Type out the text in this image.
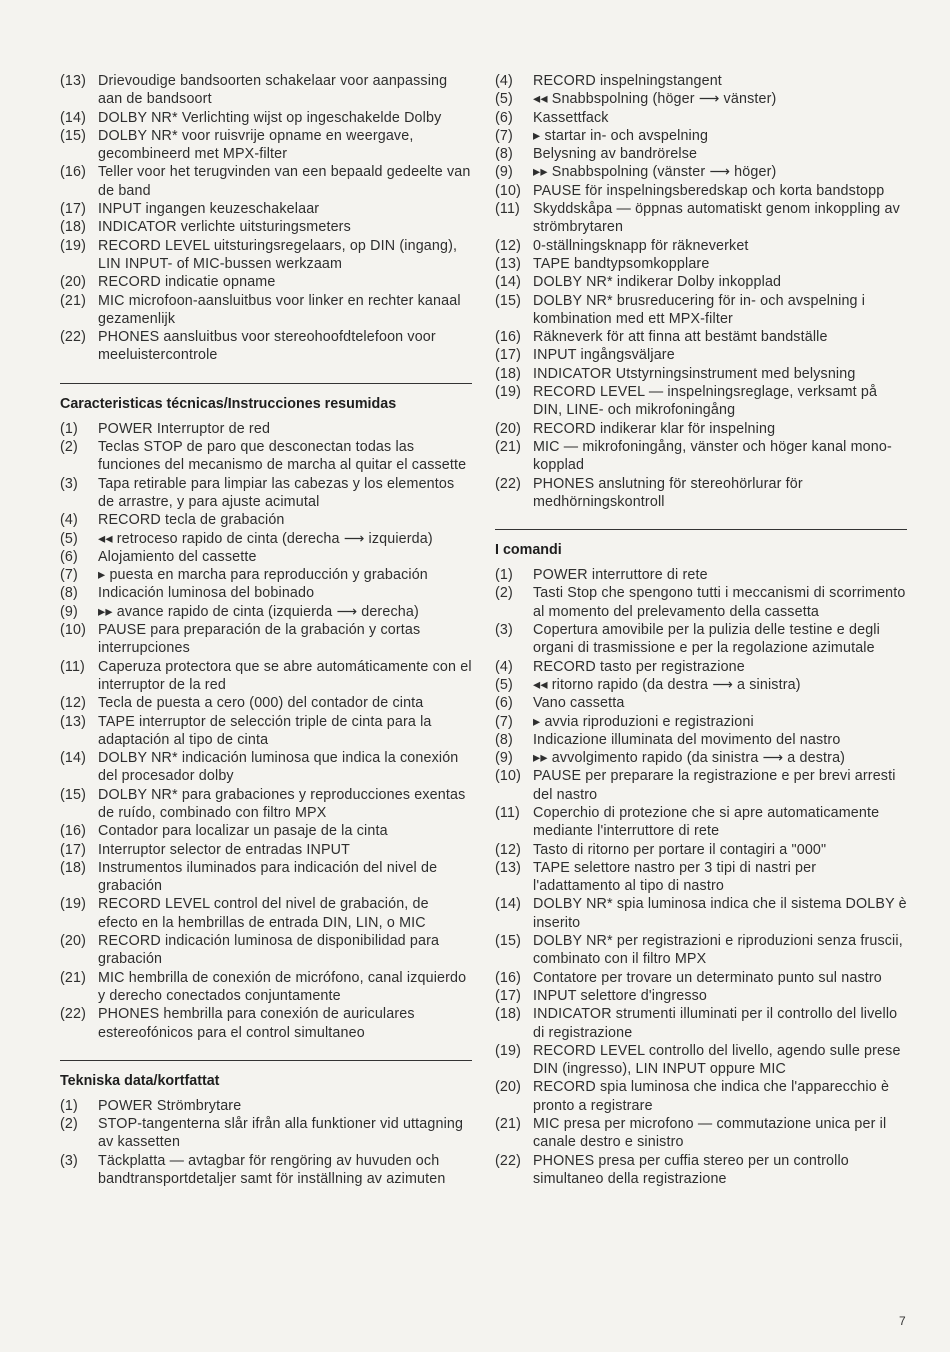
(13) Drievoudige bandsoorten schakelaar voor aanpassing aan de bandsoort
(14) DOLBY NR* Verlichting wijst op ingeschakelde Dolby
(15) DOLBY NR* voor ruisvrije opname en weergave, gecombineerd met MPX-filter
(16) Teller voor het terugvinden van een bepaald gedeelte van de band
(17) INPUT ingangen keuzeschakelaar
(18) INDICATOR verlichte uitsturingsmeters
(19) RECORD LEVEL uitsturingsregelaars, op DIN (ingang), LIN INPUT- of MIC-bussen werkzaam
(20) RECORD indicatie opname
(21) MIC microfoon-aansluitbus voor linker en rechter kanaal gezamenlijk
(22) PHONES aansluitbus voor stereohoofdtelefoon voor meeluistercontrole
Caracteristicas técnicas/Instrucciones resumidas
(1) POWER Interruptor de red
(2) Teclas STOP de paro que desconectan todas las funciones del mecanismo de marcha al quitar el cassette
(3) Tapa retirable para limpiar las cabezas y los elementos de arrastre, y para ajuste acimutal
(4) RECORD tecla de grabación
(5) ◂◂ retroceso rapido de cinta (derecha ⟶ izquierda)
(6) Alojamiento del cassette
(7) ▸ puesta en marcha para reproducción y grabación
(8) Indicación luminosa del bobinado
(9) ▸▸ avance rapido de cinta (izquierda ⟶ derecha)
(10) PAUSE para preparación de la grabación y cortas interrupciones
(11) Caperuza protectora que se abre automáticamente con el interruptor de la red
(12) Tecla de puesta a cero (000) del contador de cinta
(13) TAPE interruptor de selección triple de cinta para la adaptación al tipo de cinta
(14) DOLBY NR* indicación luminosa que indica la conexión del procesador dolby
(15) DOLBY NR* para grabaciones y reproducciones exentas de ruído, combinado con filtro MPX
(16) Contador para localizar un pasaje de la cinta
(17) Interruptor selector de entradas INPUT
(18) Instrumentos iluminados para indicación del nivel de grabación
(19) RECORD LEVEL control del nivel de grabación, de efecto en la hembrillas de entrada DIN, LIN, o MIC
(20) RECORD indicación luminosa de disponibilidad para grabación
(21) MIC hembrilla de conexión de micrófono, canal izquierdo y derecho conectados conjuntamente
(22) PHONES hembrilla para conexión de auriculares estereofónicos para el control simultaneo
Tekniska data/kortfattat
(1) POWER Strömbrytare
(2) STOP-tangenterna slår ifrån alla funktioner vid uttagning av kassetten
(3) Täckplatta — avtagbar för rengöring av huvuden och bandtransportdetaljer samt för inställning av azimuten
(4) RECORD inspelningstangent
(5) ◂◂ Snabbspolning (höger ⟶ vänster)
(6) Kassettfack
(7) ▸ startar in- och avspelning
(8) Belysning av bandrörelse
(9) ▸▸ Snabbspolning (vänster ⟶ höger)
(10) PAUSE för inspelningsberedskap och korta bandstopp
(11) Skyddskåpa — öppnas automatiskt genom inkoppling av strömbrytaren
(12) 0-ställningsknapp för räkneverket
(13) TAPE bandtypsomkopplare
(14) DOLBY NR* indikerar Dolby inkopplad
(15) DOLBY NR* brusreducering för in- och avspelning i kombination med ett MPX-filter
(16) Räkneverk för att finna att bestämt bandställe
(17) INPUT ingångsväljare
(18) INDICATOR Utstyrningsinstrument med belysning
(19) RECORD LEVEL — inspelningsreglage, verksamt på DIN, LINE- och mikrofoningång
(20) RECORD indikerar klar för inspelning
(21) MIC — mikrofoningång, vänster och höger kanal mono-kopplad
(22) PHONES anslutning för stereohörlurar för medhörningskontroll
I comandi
(1) POWER interruttore di rete
(2) Tasti Stop che spengono tutti i meccanismi di scorrimento al momento del prelevamento della cassetta
(3) Copertura amovibile per la pulizia delle testine e degli organi di trasmissione e per la regolazione azimutale
(4) RECORD tasto per registrazione
(5) ◂◂ ritorno rapido (da destra ⟶ a sinistra)
(6) Vano cassetta
(7) ▸ avvia riproduzioni e registrazioni
(8) Indicazione illuminata del movimento del nastro
(9) ▸▸ avvolgimento rapido (da sinistra ⟶ a destra)
(10) PAUSE per preparare la registrazione e per brevi arresti del nastro
(11) Coperchio di protezione che si apre automaticamente mediante l'interruttore di rete
(12) Tasto di ritorno per portare il contagiri a "000"
(13) TAPE selettore nastro per 3 tipi di nastri per l'adattamento al tipo di nastro
(14) DOLBY NR* spia luminosa indica che il sistema DOLBY è inserito
(15) DOLBY NR* per registrazioni e riproduzioni senza fruscii, combinato con il filtro MPX
(16) Contatore per trovare un determinato punto sul nastro
(17) INPUT selettore d'ingresso
(18) INDICATOR strumenti illuminati per il controllo del livello di registrazione
(19) RECORD LEVEL controllo del livello, agendo sulle prese DIN (ingresso), LIN INPUT oppure MIC
(20) RECORD spia luminosa che indica che l'apparecchio è pronto a registrare
(21) MIC presa per microfono — commutazione unica per il canale destro e sinistro
(22) PHONES presa per cuffia stereo per un controllo simultaneo della registrazione
7
